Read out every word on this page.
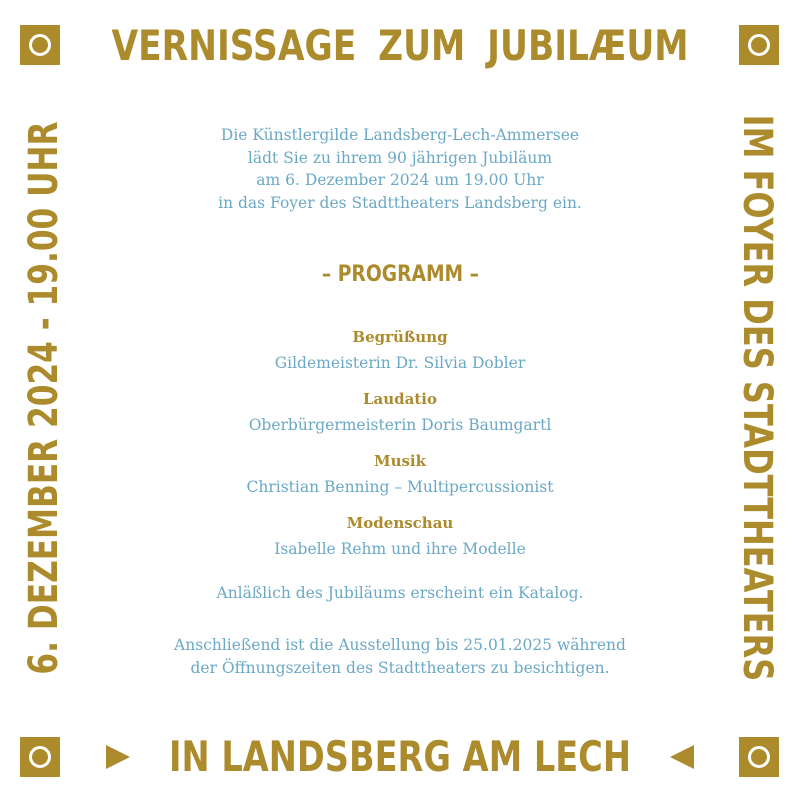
VERNISSAGE ZUM JUBILÆUM
IN LANDSBERG AM LECH
6. DEZEMBER 2024 - 19.00 UHR	IM FOYER DES STADTTHEATERS
Die Künstlergilde Landsberg-Lech-Ammersee
lädt Sie zu ihrem 90 jährigen Jubiläum
am 6. Dezember 2024 um 19.00 Uhr
in das Foyer des Stadttheaters Landsberg ein.
– PROGRAMM –
Begrüßung
Gildemeisterin Dr. Silvia Dobler
Laudatio
Oberbürgermeisterin Doris Baumgartl
Musik
Christian Benning – Multipercussionist
Modenschau
Isabelle Rehm und ihre Modelle
Anläßlich des Jubiläums erscheint ein Katalog.
Anschließend ist die Ausstellung bis 25.01.2025 während
der Öffnungszeiten des Stadttheaters zu besichtigen.
